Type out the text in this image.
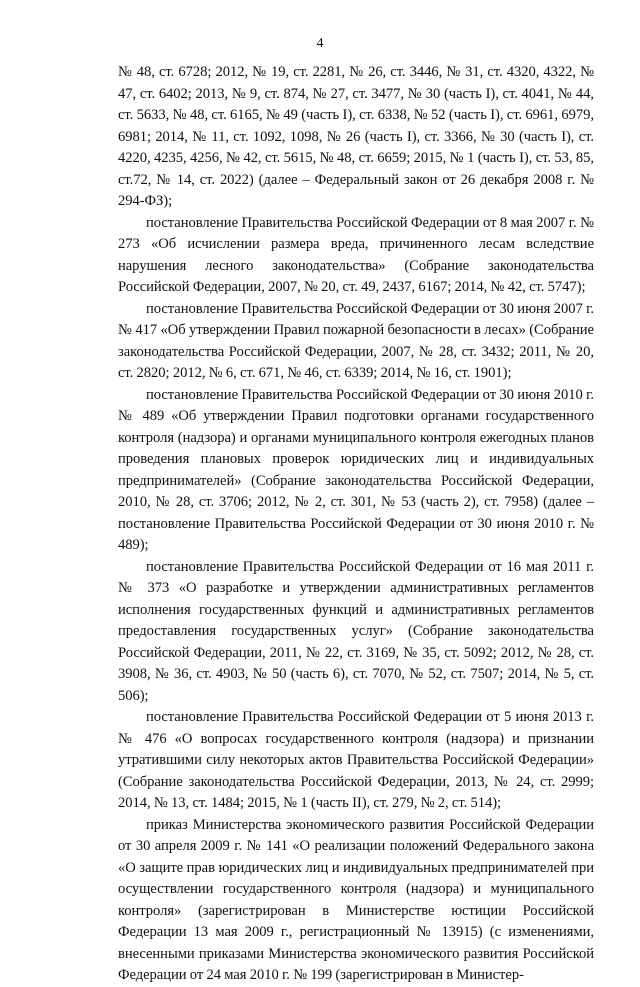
4

№ 48, ст. 6728; 2012, № 19, ст. 2281, № 26, ст. 3446, № 31, ст. 4320, 4322, № 47, ст. 6402; 2013, № 9, ст. 874, № 27, ст. 3477, № 30 (часть I), ст. 4041, № 44, ст. 5633, № 48, ст. 6165, № 49 (часть I), ст. 6338, № 52 (часть I), ст. 6961, 6979, 6981; 2014, № 11, ст. 1092, 1098, № 26 (часть I), ст. 3366, № 30 (часть I), ст. 4220, 4235, 4256, № 42, ст. 5615, № 48, ст. 6659; 2015, № 1 (часть I), ст. 53, 85, ст.72, № 14, ст. 2022) (далее – Федеральный закон от 26 декабря 2008 г. № 294-ФЗ);

постановление Правительства Российской Федерации от 8 мая 2007 г. № 273 «Об исчислении размера вреда, причиненного лесам вследствие нарушения лесного законодательства» (Собрание законодательства Российской Федерации, 2007, № 20, ст. 49, 2437, 6167; 2014, № 42, ст. 5747);

постановление Правительства Российской Федерации от 30 июня 2007 г. № 417 «Об утверждении Правил пожарной безопасности в лесах» (Собрание законодательства Российской Федерации, 2007, № 28, ст. 3432; 2011, № 20, ст. 2820; 2012, № 6, ст. 671, № 46, ст. 6339; 2014, № 16, ст. 1901);

постановление Правительства Российской Федерации от 30 июня 2010 г. № 489 «Об утверждении Правил подготовки органами государственного контроля (надзора) и органами муниципального контроля ежегодных планов проведения плановых проверок юридических лиц и индивидуальных предпринимателей» (Собрание законодательства Российской Федерации, 2010, № 28, ст. 3706; 2012, № 2, ст. 301, № 53 (часть 2), ст. 7958) (далее – постановление Правительства Российской Федерации от 30 июня 2010 г. № 489);

постановление Правительства Российской Федерации от 16 мая 2011 г. № 373 «О разработке и утверждении административных регламентов исполнения государственных функций и административных регламентов предоставления государственных услуг» (Собрание законодательства Российской Федерации, 2011, № 22, ст. 3169, № 35, ст. 5092; 2012, № 28, ст. 3908, № 36, ст. 4903, № 50 (часть 6), ст. 7070, № 52, ст. 7507; 2014, № 5, ст. 506);

постановление Правительства Российской Федерации от 5 июня 2013 г. № 476 «О вопросах государственного контроля (надзора) и признании утратившими силу некоторых актов Правительства Российской Федерации» (Собрание законодательства Российской Федерации, 2013, № 24, ст. 2999; 2014, № 13, ст. 1484; 2015, № 1 (часть II), ст. 279, № 2, ст. 514);

приказ Министерства экономического развития Российской Федерации от 30 апреля 2009 г. № 141 «О реализации положений Федерального закона «О защите прав юридических лиц и индивидуальных предпринимателей при осуществлении государственного контроля (надзора) и муниципального контроля» (зарегистрирован в Министерстве юстиции Российской Федерации 13 мая 2009 г., регистрационный № 13915) (с изменениями, внесенными приказами Министерства экономического развития Российской Федерации от 24 мая 2010 г. № 199 (зарегистрирован в Министер-
